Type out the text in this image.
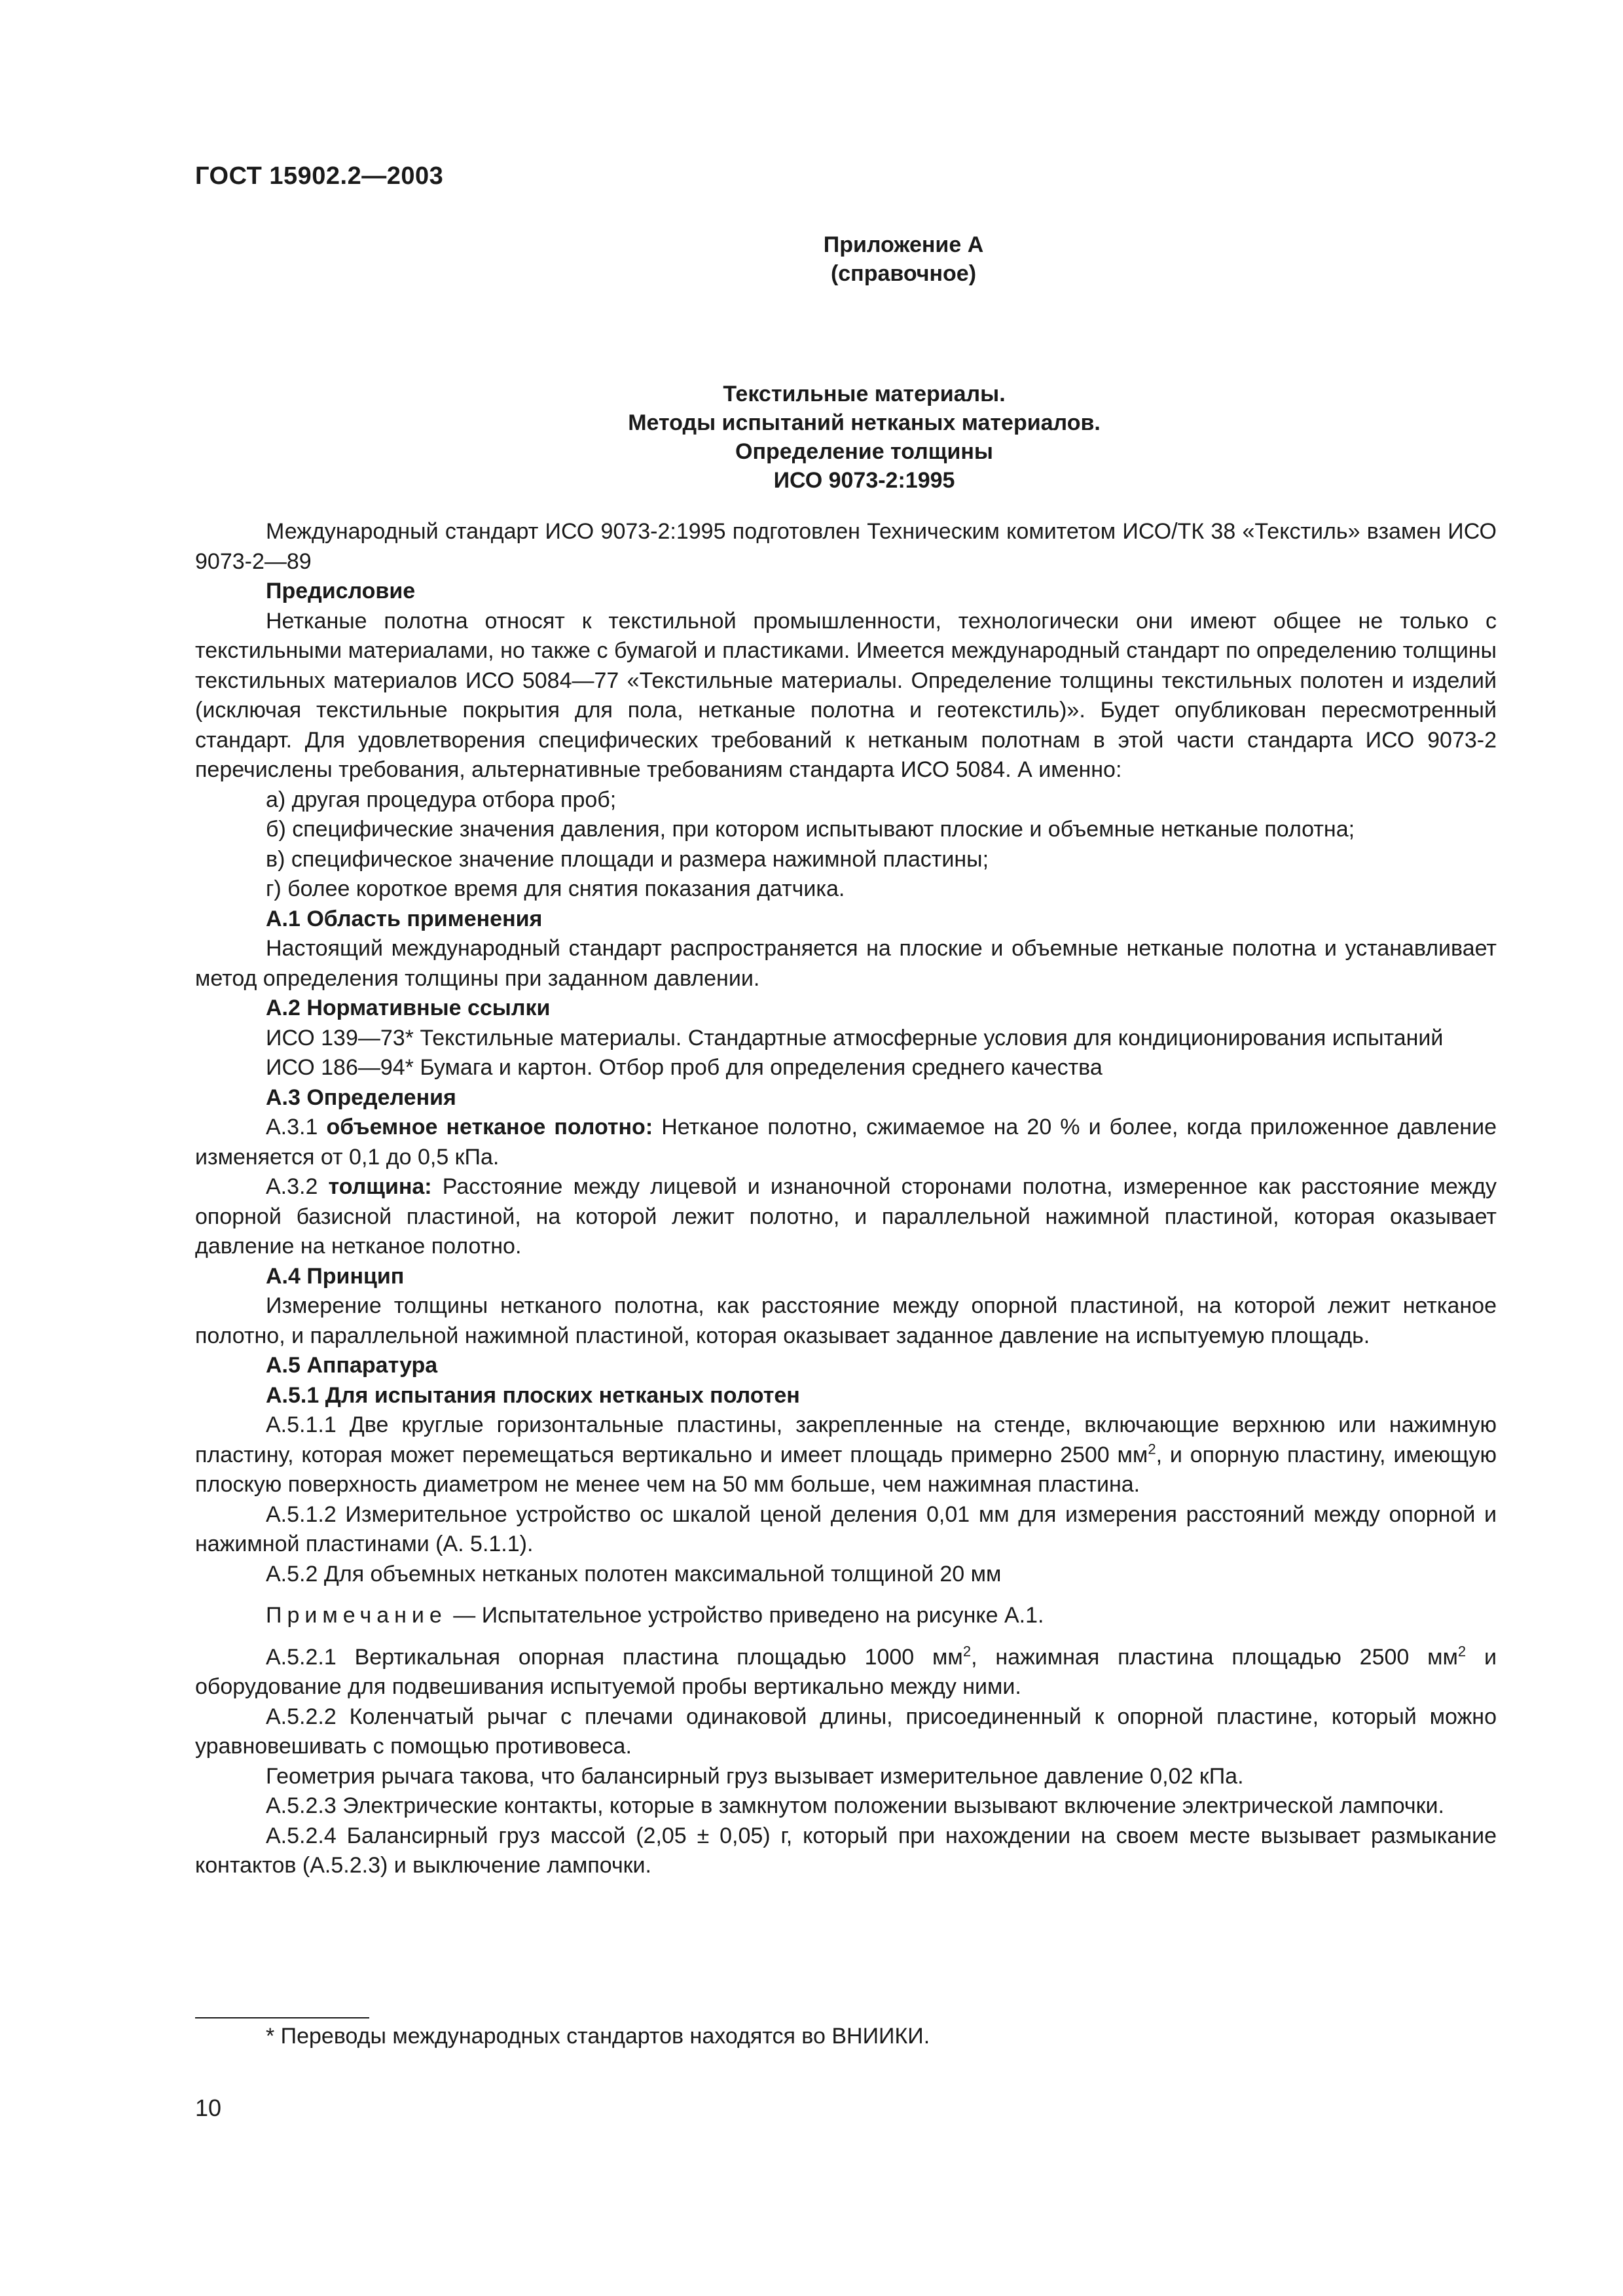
ГОСТ 15902.2—2003
Приложение А
(справочное)
Текстильные материалы.
Методы испытаний нетканых материалов.
Определение толщины
ИСО 9073-2:1995

Международный стандарт ИСО 9073-2:1995 подготовлен Техническим комитетом ИСО/ТК 38 «Текстиль» взамен ИСО 9073-2—89

Предисловие

Нетканые полотна относят к текстильной промышленности, технологически они имеют общее не только с текстильными материалами, но также с бумагой и пластиками. Имеется международный стандарт по определению толщины текстильных материалов ИСО 5084—77 «Текстильные материалы. Определение толщины текстильных полотен и изделий (исключая текстильные покрытия для пола, нетканые полотна и геотекстиль)». Будет опубликован пересмотренный стандарт. Для удовлетворения специфических требований к нетканым полотнам в этой части стандарта ИСО 9073-2 перечислены требования, альтернативные требованиям стандарта ИСО 5084. А именно:

а) другая процедура отбора проб;

б) специфические значения давления, при котором испытывают плоские и объемные нетканые полотна;

в) специфическое значение площади и размера нажимной пластины;

г) более короткое время для снятия показания датчика.

А.1 Область применения

Настоящий международный стандарт распространяется на плоские и объемные нетканые полотна и устанавливает метод определения толщины при заданном давлении.

А.2 Нормативные ссылки

ИСО 139—73* Текстильные материалы. Стандартные атмосферные условия для кондиционирования испытаний

ИСО 186—94* Бумага и картон. Отбор проб для определения среднего качества

А.3 Определения

А.3.1 объемное нетканое полотно: Нетканое полотно, сжимаемое на 20 % и более, когда приложенное давление изменяется от 0,1 до 0,5 кПа.

А.3.2 толщина: Расстояние между лицевой и изнаночной сторонами полотна, измеренное как расстояние между опорной базисной пластиной, на которой лежит полотно, и параллельной нажимной пластиной, которая оказывает давление на нетканое полотно.

А.4 Принцип

Измерение толщины нетканого полотна, как расстояние между опорной пластиной, на которой лежит нетканое полотно, и параллельной нажимной пластиной, которая оказывает заданное давление на испытуемую площадь.

А.5 Аппаратура

А.5.1 Для испытания плоских нетканых полотен

А.5.1.1 Две круглые горизонтальные пластины, закрепленные на стенде, включающие верхнюю или нажимную пластину, которая может перемещаться вертикально и имеет площадь примерно 2500 $мм^2$, и опорную пластину, имеющую плоскую поверхность диаметром не менее чем на 50 мм больше, чем нажимная пластина.

А.5.1.2 Измерительное устройство ос шкалой ценой деления 0,01 мм для измерения расстояний между опорной и нажимной пластинами (А. 5.1.1).

А.5.2 Для объемных нетканых полотен максимальной толщиной 20 мм

Примечание — Испытательное устройство приведено на рисунке А.1.

А.5.2.1 Вертикальная опорная пластина площадью 1000 $мм^2$, нажимная пластина площадью 2500 $мм^2$ и оборудование для подвешивания испытуемой пробы вертикально между ними.

А.5.2.2 Коленчатый рычаг с плечами одинаковой длины, присоединенный к опорной пластине, который можно уравновешивать с помощью противовеса.

Геометрия рычага такова, что балансирный груз вызывает измерительное давление 0,02 кПа.

А.5.2.3 Электрические контакты, которые в замкнутом положении вызывают включение электрической лампочки.

А.5.2.4 Балансирный груз массой (2,05 ± 0,05) г, который при нахождении на своем месте вызывает размыкание контактов (А.5.2.3) и выключение лампочки.

* Переводы международных стандартов находятся во ВНИИКИ.
10
